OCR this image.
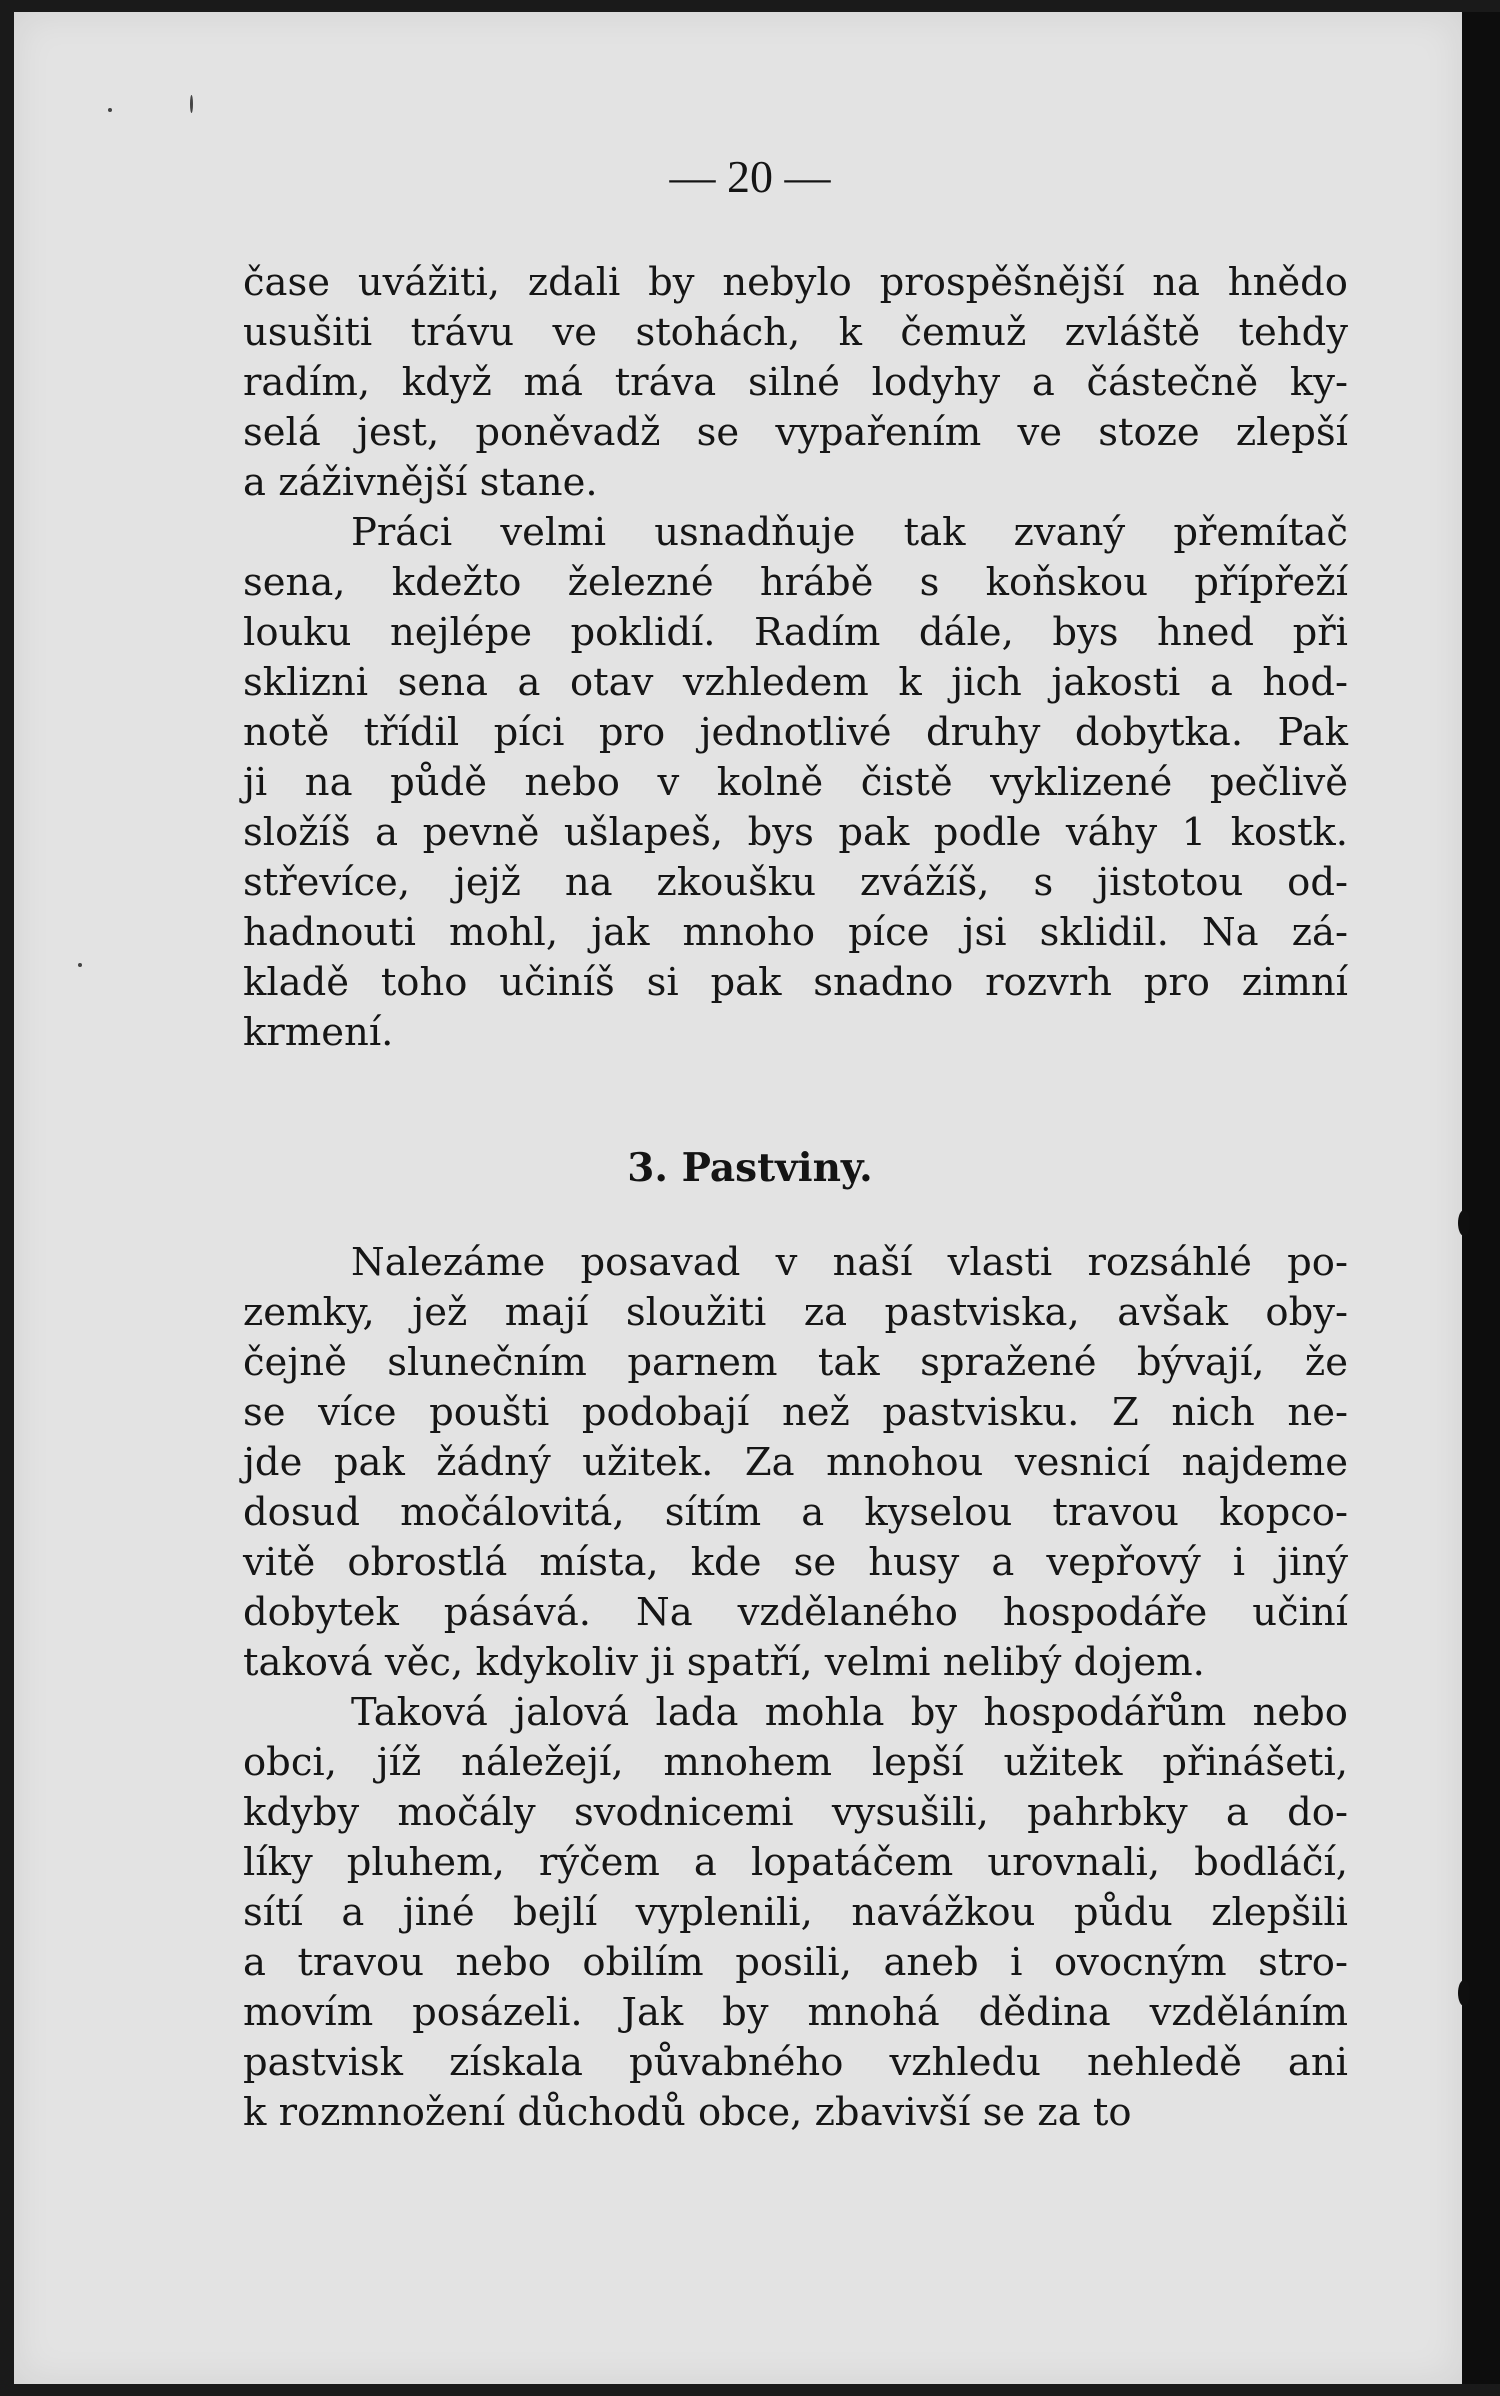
— 20 —
čase uvážiti, zdali by nebylo prospěšnější na hnědo
usušiti trávu ve stohách, k čemuž zvláště tehdy
radím, když má tráva silné lodyhy a částečně ky-
selá jest, poněvadž se vypařením ve stoze zlepší
a záživnější stane.
Práci velmi usnadňuje tak zvaný přemítač
sena, kdežto železné hrábě s koňskou přípřeží
louku nejlépe poklidí. Radím dále, bys hned při
sklizni sena a otav vzhledem k jich jakosti a hod-
notě třídil píci pro jednotlivé druhy dobytka. Pak
ji na půdě nebo v kolně čistě vyklizené pečlivě
složíš a pevně ušlapeš, bys pak podle váhy 1 kostk.
střevíce, jejž na zkoušku zvážíš, s jistotou od-
hadnouti mohl, jak mnoho píce jsi sklidil. Na zá-
kladě toho učiníš si pak snadno rozvrh pro zimní
krmení.
3. Pastviny.
Nalezáme posavad v naší vlasti rozsáhlé po-
zemky, jež mají sloužiti za pastviska, avšak oby-
čejně slunečním parnem tak spražené bývají, že
se více poušti podobají než pastvisku. Z nich ne-
jde pak žádný užitek. Za mnohou vesnicí najdeme
dosud močálovitá, sítím a kyselou travou kopco-
vitě obrostlá místa, kde se husy a vepřový i jiný
dobytek pásává. Na vzdělaného hospodáře učiní
taková věc, kdykoliv ji spatří, velmi nelibý dojem.
Taková jalová lada mohla by hospodářům nebo
obci, jíž náležejí, mnohem lepší užitek přinášeti,
kdyby močály svodnicemi vysušili, pahrbky a do-
líky pluhem, rýčem a lopatáčem urovnali, bodláčí,
sítí a jiné bejlí vyplenili, navážkou půdu zlepšili
a travou nebo obilím posili, aneb i ovocným stro-
movím posázeli. Jak by mnohá dědina vzděláním
pastvisk získala půvabného vzhledu nehledě ani
k rozmnožení důchodů obce, zbavivší se za to
